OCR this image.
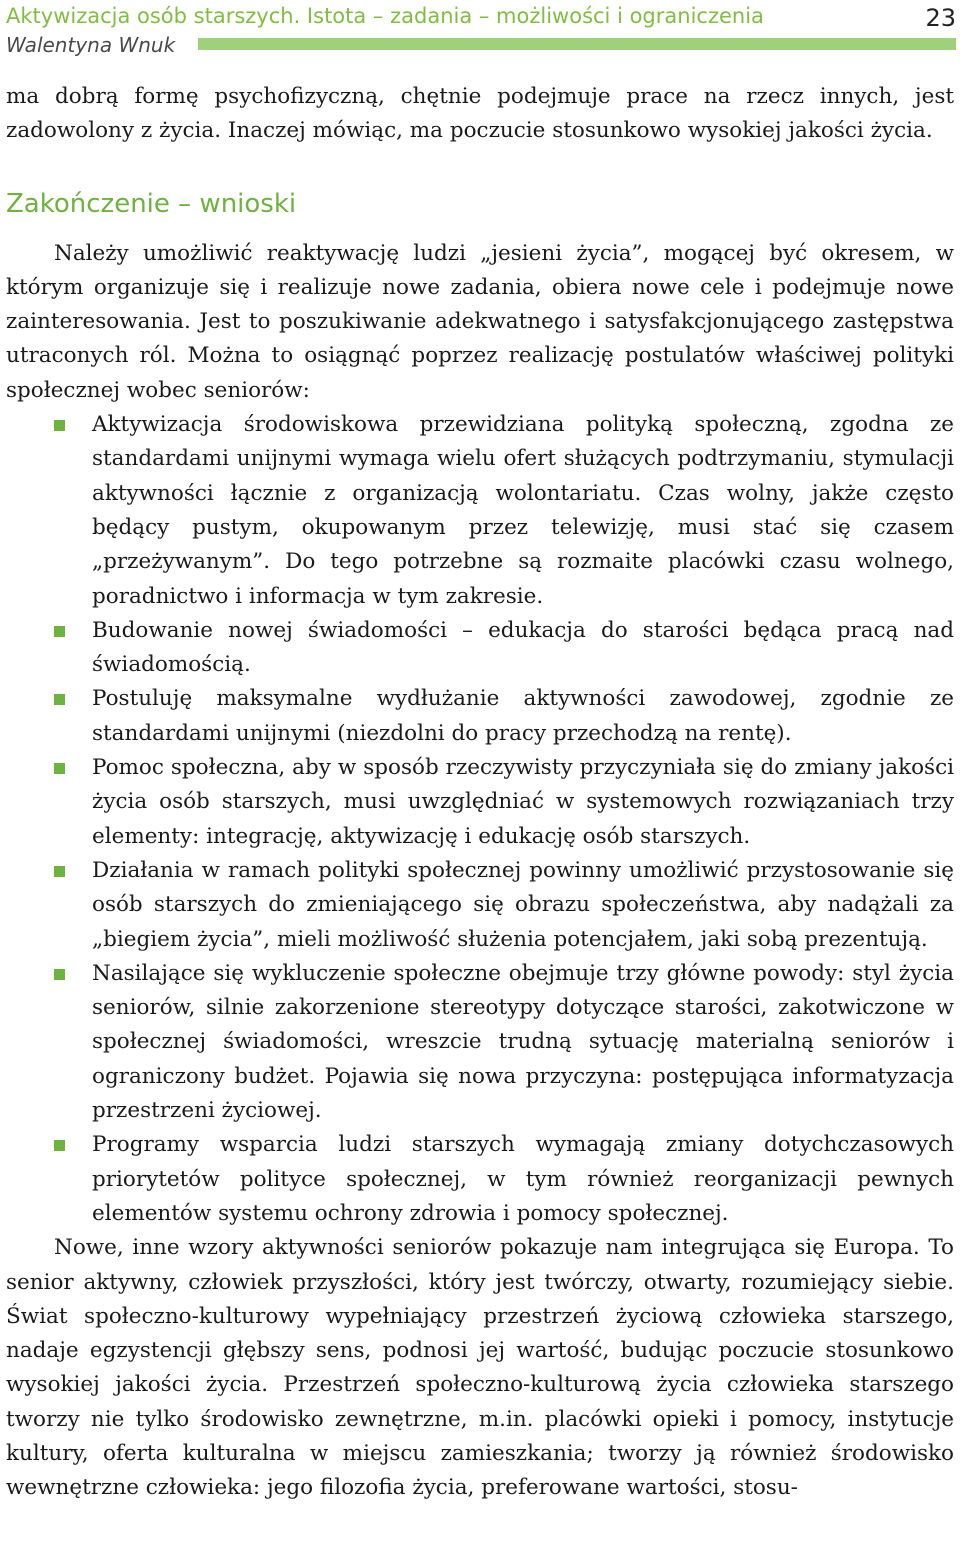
Aktywizacja osób starszych. Istota – zadania – możliwości i ograniczenia
Walentyna Wnuk
23

ma dobrą formę psychofizyczną, chętnie podejmuje prace na rzecz innych, jest zadowolony z życia. Inaczej mówiąc, ma poczucie stosunkowo wysokiej jakości życia.

Zakończenie – wnioski

Należy umożliwić reaktywację ludzi „jesieni życia”, mogącej być okresem, w którym organizuje się i realizuje nowe zadania, obiera nowe cele i podejmuje nowe zainteresowania. Jest to poszukiwanie adekwatnego i satysfakcjonującego zastępstwa utraconych ról. Można to osiągnąć poprzez realizację postulatów właściwej polityki społecznej wobec seniorów:

Aktywizacja środowiskowa przewidziana polityką społeczną, zgodna ze standardami unijnymi wymaga wielu ofert służących podtrzymaniu, stymulacji aktywności łącznie z organizacją wolontariatu. Czas wolny, jakże często będący pustym, okupowanym przez telewizję, musi stać się czasem „przeżywanym”. Do tego potrzebne są rozmaite placówki czasu wolnego, poradnictwo i informacja w tym zakresie.
Budowanie nowej świadomości – edukacja do starości będąca pracą nad świadomością.
Postuluję maksymalne wydłużanie aktywności zawodowej, zgodnie ze standardami unijnymi (niezdolni do pracy przechodzą na rentę).
Pomoc społeczna, aby w sposób rzeczywisty przyczyniała się do zmiany jakości życia osób starszych, musi uwzględniać w systemowych rozwiązaniach trzy elementy: integrację, aktywizację i edukację osób starszych.
Działania w ramach polityki społecznej powinny umożliwić przystosowanie się osób starszych do zmieniającego się obrazu społeczeństwa, aby nadążali za „biegiem życia”, mieli możliwość służenia potencjałem, jaki sobą prezentują.
Nasilające się wykluczenie społeczne obejmuje trzy główne powody: styl życia seniorów, silnie zakorzenione stereotypy dotyczące starości, zakotwiczone w społecznej świadomości, wreszcie trudną sytuację materialną seniorów i ograniczony budżet. Pojawia się nowa przyczyna: postępująca informatyzacja przestrzeni życiowej.
Programy wsparcia ludzi starszych wymagają zmiany dotychczasowych priorytetów polityce społecznej, w tym również reorganizacji pewnych elementów systemu ochrony zdrowia i pomocy społecznej.

Nowe, inne wzory aktywności seniorów pokazuje nam integrująca się Europa. To senior aktywny, człowiek przyszłości, który jest twórczy, otwarty, rozumiejący siebie. Świat społeczno-kulturowy wypełniający przestrzeń życiową człowieka starszego, nadaje egzystencji głębszy sens, podnosi jej wartość, budując poczucie stosunkowo wysokiej jakości życia. Przestrzeń społeczno-kulturową życia człowieka starszego tworzy nie tylko środowisko zewnętrzne, m.in. placówki opieki i pomocy, instytucje kultury, oferta kulturalna w miejscu zamieszkania; tworzy ją również środowisko wewnętrzne człowieka: jego filozofia życia, preferowane wartości, stosu-
